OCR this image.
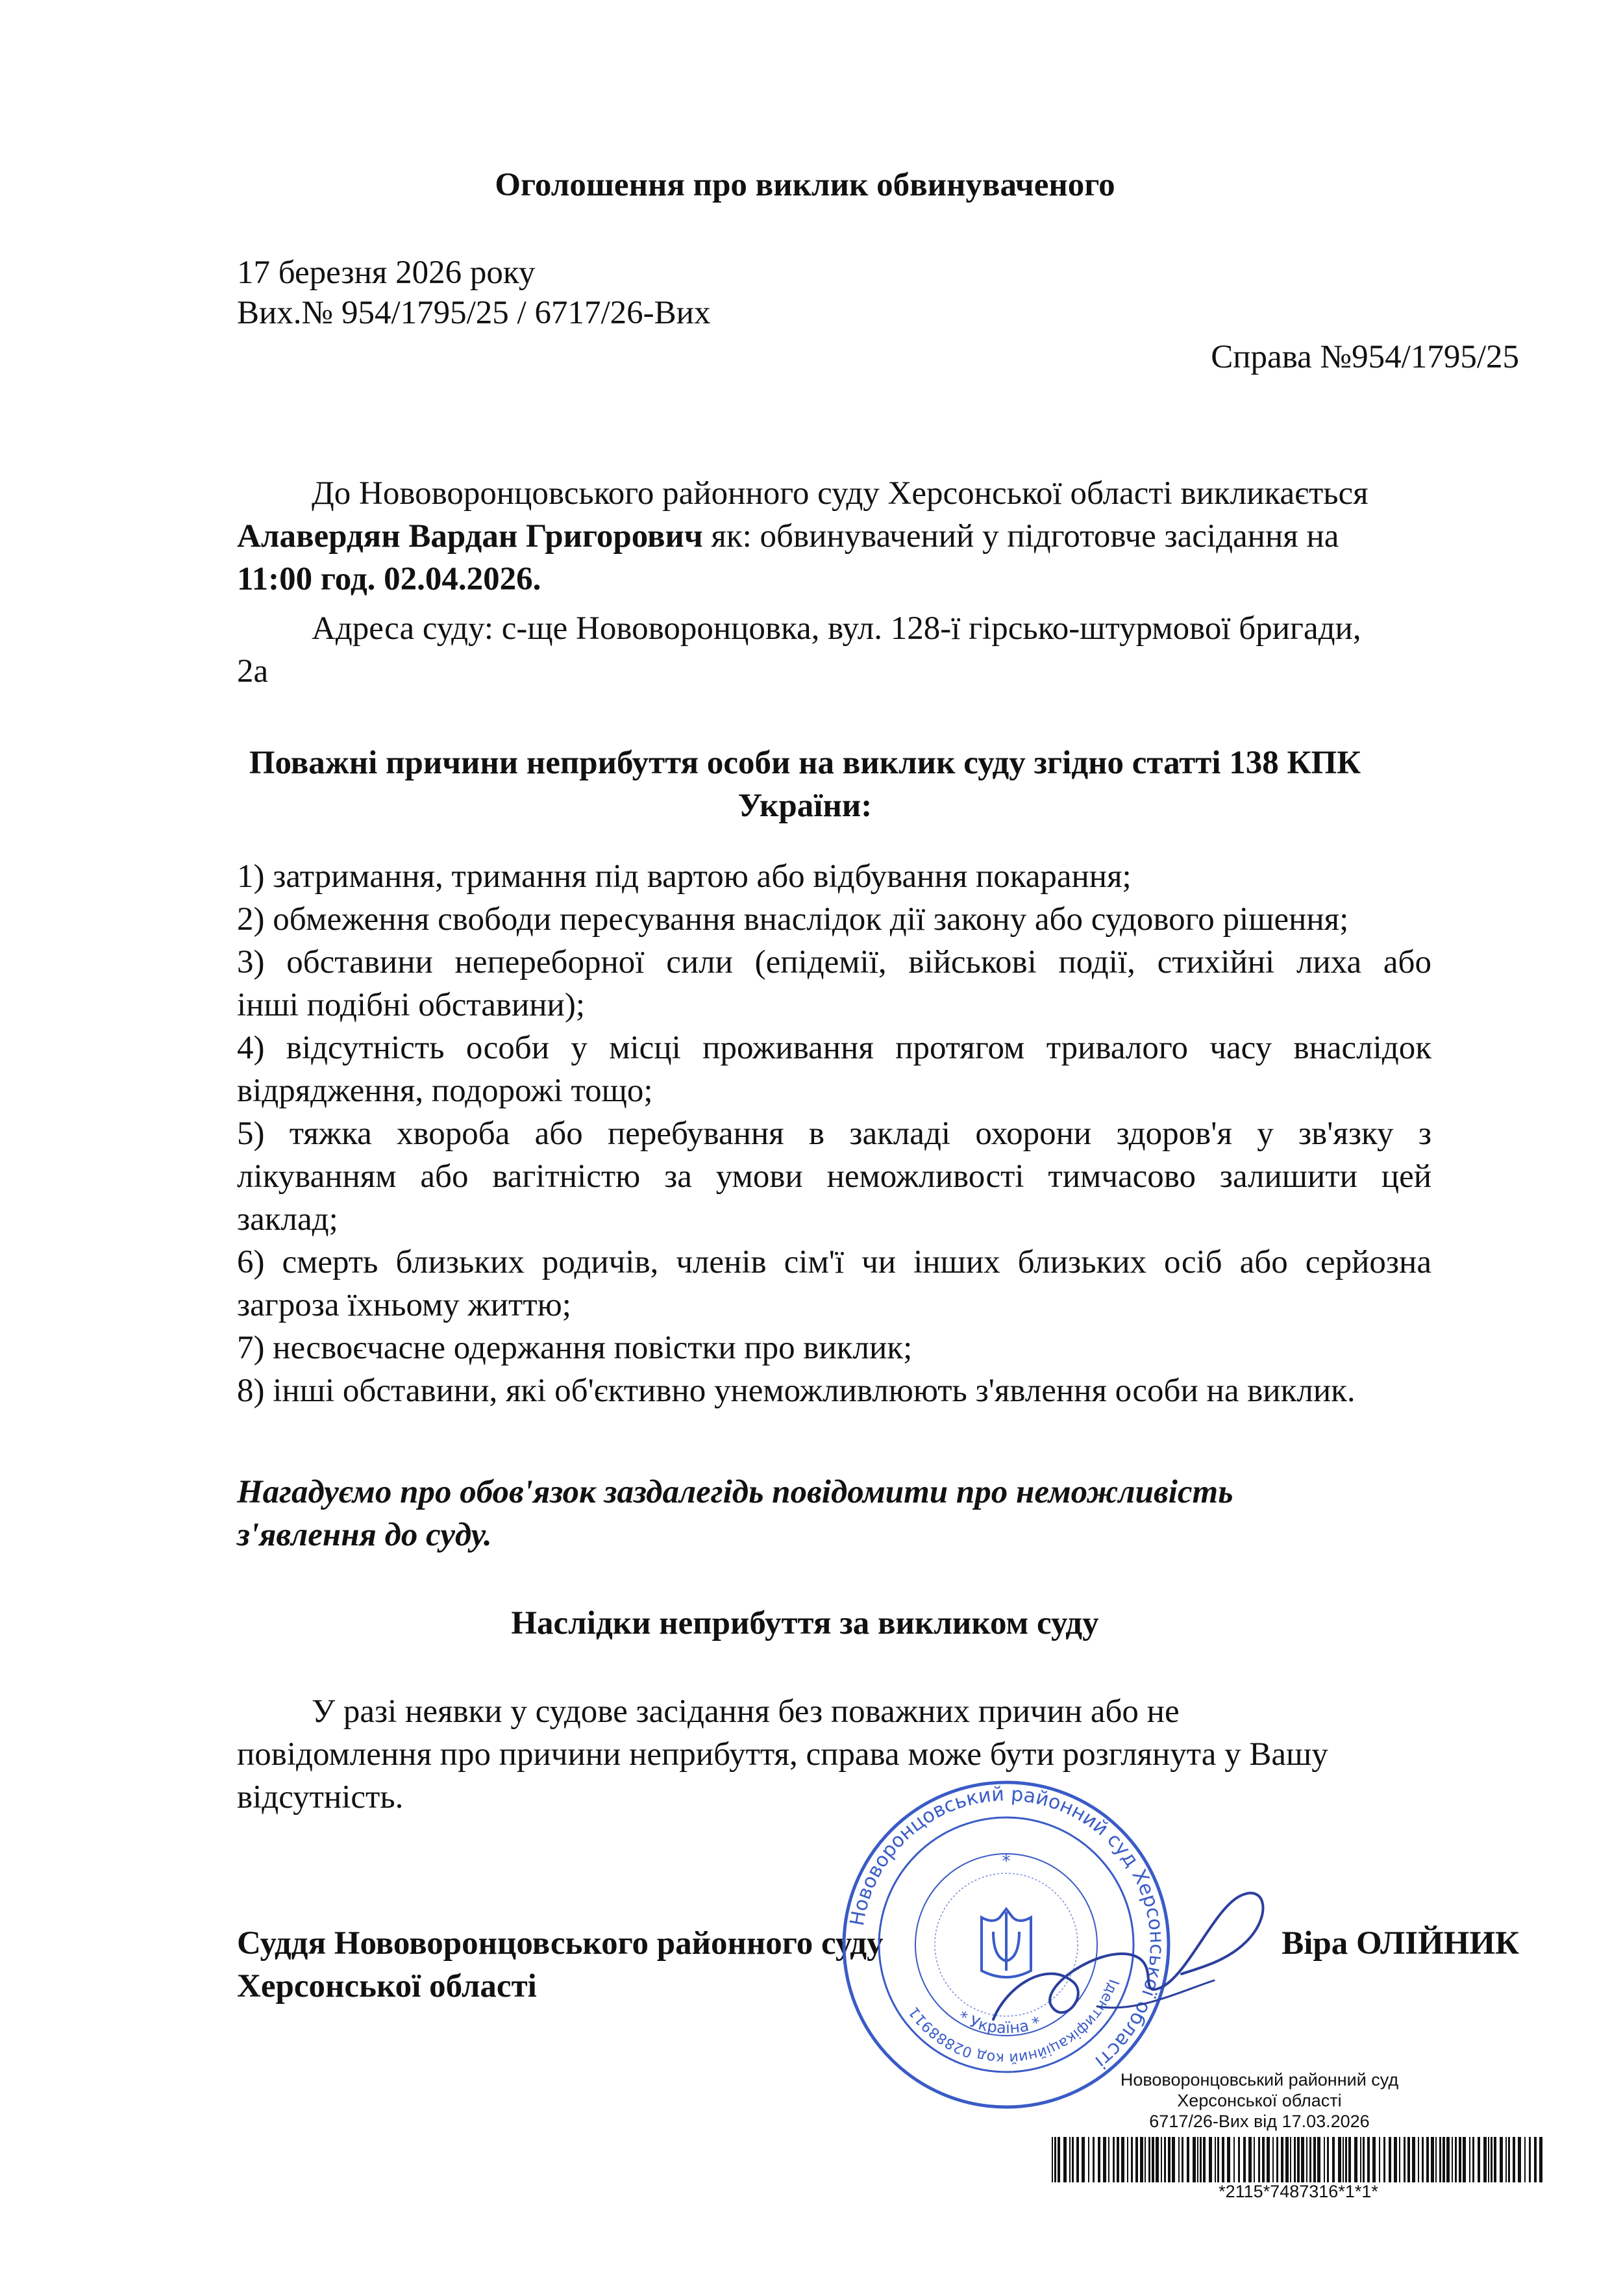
Оголошення про виклик обвинуваченого
17 березня 2026 року
Вих.№ 954/1795/25 / 6717/26-Вих
Справа №954/1795/25
До Нововоронцовського районного суду Херсонської області викликається
Алавердян Вардан Григорович як: обвинувачений у підготовче засідання на
11:00 год. 02.04.2026.
Адреса суду: с-ще Нововоронцовка, вул. 128-ї гірсько-штурмової бригади,
2а
Поважні причини неприбуття особи на виклик суду згідно статті 138 КПК
України:
1) затримання, тримання під вартою або відбування покарання;
2) обмеження свободи пересування внаслідок дії закону або судового рішення;
3) обставини непереборної сили (епідемії, військові події, стихійні лиха або
інші подібні обставини);
4) відсутність особи у місці проживання протягом тривалого часу внаслідок
відрядження, подорожі тощо;
5) тяжка хвороба або перебування в закладі охорони здоров'я у зв'язку з
лікуванням або вагітністю за умови неможливості тимчасово залишити цей
заклад;
6) смерть близьких родичів, членів сім'ї чи інших близьких осіб або серйозна
загроза їхньому життю;
7) несвоєчасне одержання повістки про виклик;
8) інші обставини, які об'єктивно унеможливлюють з'явлення особи на виклик.
Нагадуємо про обов'язок заздалегідь повідомити про неможливість
з'явлення до суду.
Наслідки неприбуття за викликом суду
У разі неявки у судове засідання без поважних причин або не
повідомлення про причини неприбуття, справа може бути розглянута у Вашу
відсутність.
Суддя Нововоронцовського районного суду
Херсонської області
Віра ОЛІЙНИК
Нововоронцовський районний суд Херсонської області
Ідентифікаційний код 02888911	* Україна *
*
Нововоронцовський районний суд
Херсонської області
6717/26-Вих від 17.03.2026
*2115*7487316*1*1*
